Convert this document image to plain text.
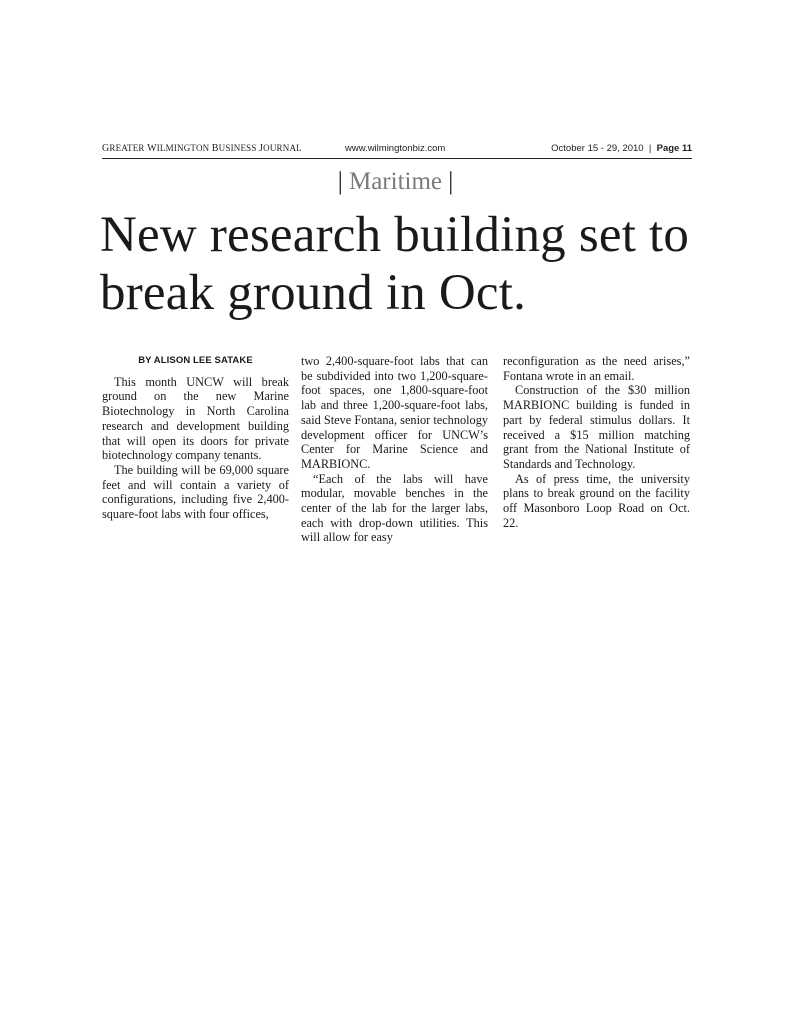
GREATER WILMINGTON BUSINESS JOURNAL	www.wilmingtonbiz.com	October 15 - 29, 2010 | Page 11
| Maritime |
New research building set to break ground in Oct.
BY ALISON LEE SATAKE

This month UNCW will break ground on the new Marine Biotechnology in North Carolina research and development building that will open its doors for private biotechnology company tenants.

The building will be 69,000 square feet and will contain a variety of configurations, including five 2,400-square-foot labs with four offices,

two 2,400-square-foot labs that can be subdivided into two 1,200-square-foot spaces, one 1,800-square-foot lab and three 1,200-square-foot labs, said Steve Fontana, senior technology development officer for UNCW’s Center for Marine Science and MARBIONC.

“Each of the labs will have modular, movable benches in the center of the lab for the larger labs, each with drop-down utilities. This will allow for easy

reconfiguration as the need arises,” Fontana wrote in an email.

Construction of the $30 million MARBIONC building is funded in part by federal stimulus dollars. It received a $15 million matching grant from the National Institute of Standards and Technology.

As of press time, the university plans to break ground on the facility off Masonboro Loop Road on Oct. 22.
